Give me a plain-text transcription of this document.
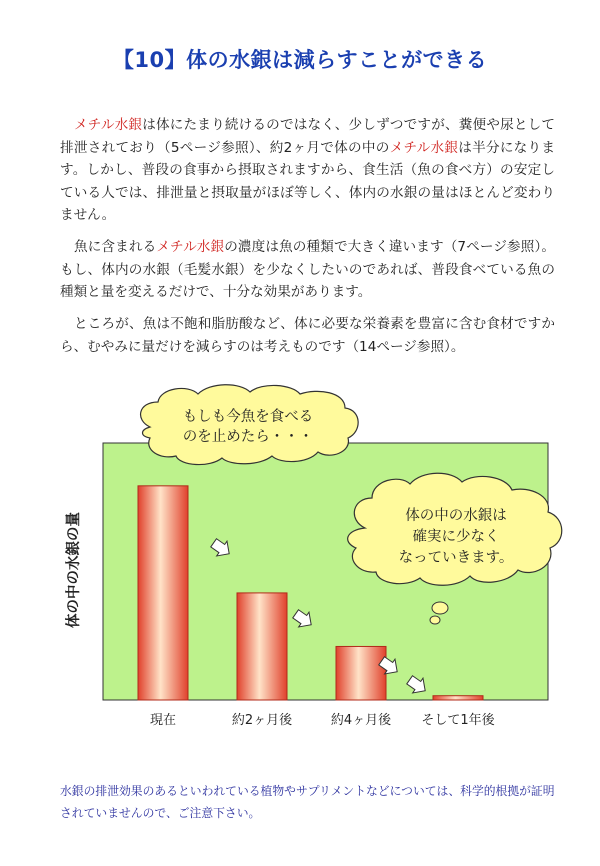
【10】体の水銀は減らすことができる
メチル水銀は体にたまり続けるのではなく、少しずつですが、糞便や尿として排泄されており（5ページ参照）、約2ヶ月で体の中のメチル水銀は半分になります。しかし、普段の食事から摂取されますから、食生活（魚の食べ方）の安定している人では、排泄量と摂取量がほぼ等しく、体内の水銀の量はほとんど変わりません。
魚に含まれるメチル水銀の濃度は魚の種類で大きく違います（7ページ参照）。もし、体内の水銀（毛髪水銀）を少なくしたいのであれば、普段食べている魚の種類と量を変えるだけで、十分な効果があります。
ところが、魚は不飽和脂肪酸など、体に必要な栄養素を豊富に含む食材ですから、むやみに量だけを減らすのは考えものです（14ページ参照）。
現在	約2ヶ月後	約4ヶ月後 そして1年後
体の中の水銀の量
もしも今魚を食べる
のを止めたら・・・
体の中の水銀は
確実に少なく
なっていきます。
水銀の排泄効果のあるといわれている植物やサプリメントなどについては、科学的根拠が証明されていませんので、ご注意下さい。
